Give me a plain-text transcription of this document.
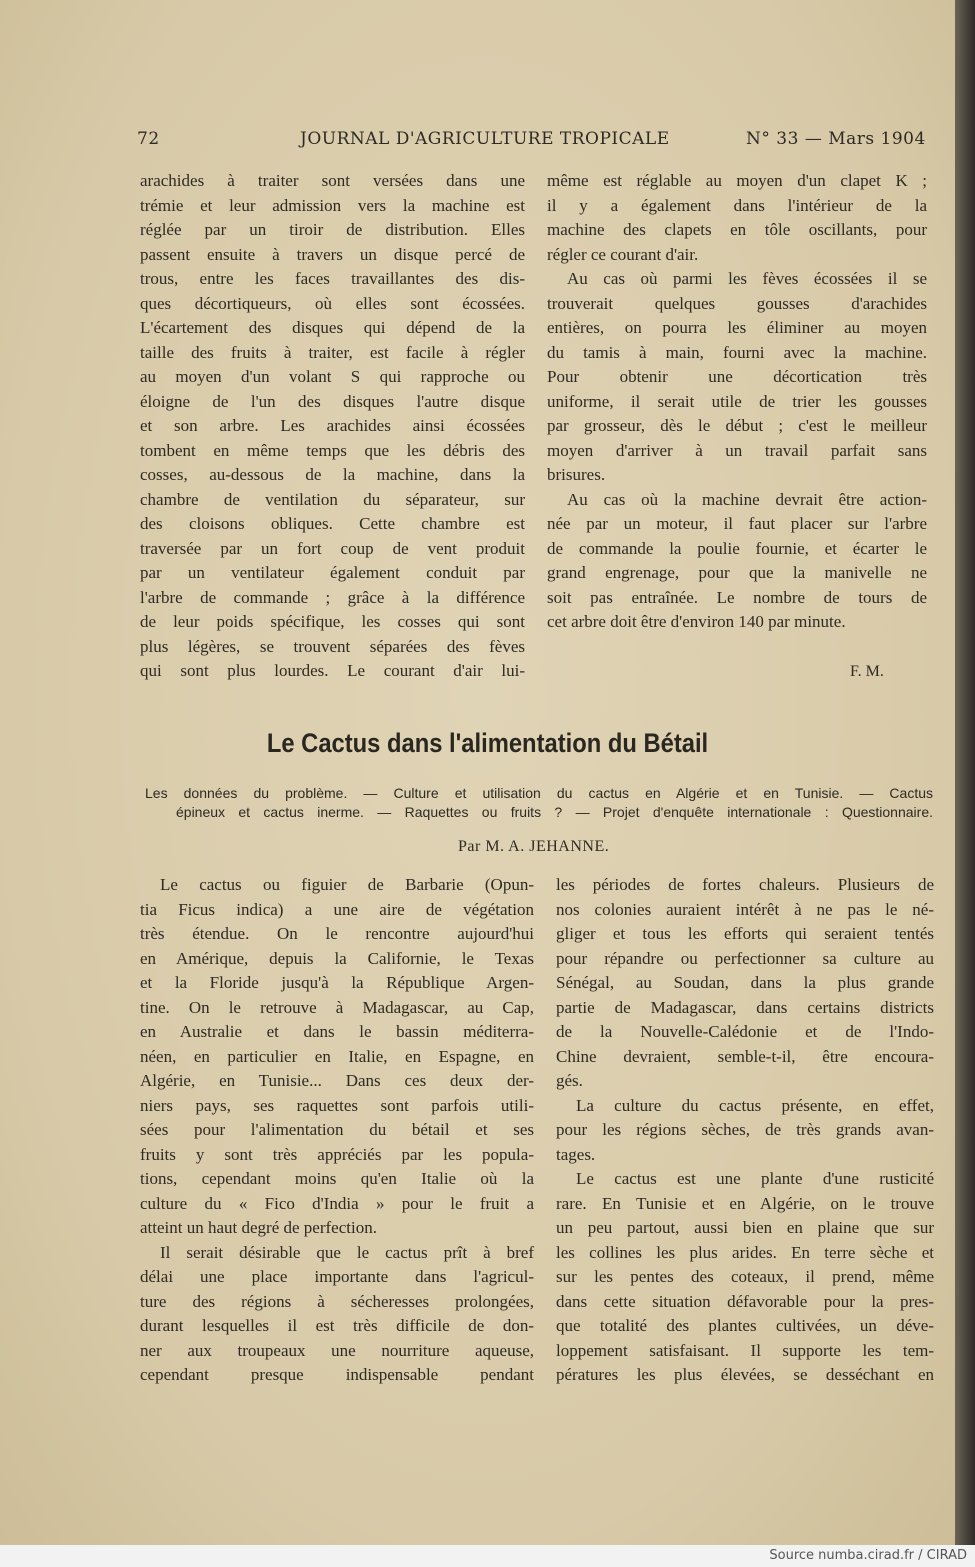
72	JOURNAL D'AGRICULTURE TROPICALE	N° 33 — Mars 1904
arachides à traiter sont versées dans une
trémie et leur admission vers la machine est
réglée par un tiroir de distribution. Elles
passent ensuite à travers un disque percé de
trous, entre les faces travaillantes des dis-
ques décortiqueurs, où elles sont écossées.
L'écartement des disques qui dépend de la
taille des fruits à traiter, est facile à régler
au moyen d'un volant S qui rapproche ou
éloigne de l'un des disques l'autre disque
et son arbre. Les arachides ainsi écossées
tombent en même temps que les débris des
cosses, au-dessous de la machine, dans la
chambre de ventilation du séparateur, sur
des cloisons obliques. Cette chambre est
traversée par un fort coup de vent produit
par un ventilateur également conduit par
l'arbre de commande ; grâce à la différence
de leur poids spécifique, les cosses qui sont
plus légères, se trouvent séparées des fèves
qui sont plus lourdes. Le courant d'air lui-
même est réglable au moyen d'un clapet K ;
il y a également dans l'intérieur de la
machine des clapets en tôle oscillants, pour
régler ce courant d'air.
Au cas où parmi les fèves écossées il se
trouverait quelques gousses d'arachides
entières, on pourra les éliminer au moyen
du tamis à main, fourni avec la machine.
Pour obtenir une décortication très
uniforme, il serait utile de trier les gousses
par grosseur, dès le début ; c'est le meilleur
moyen d'arriver à un travail parfait sans
brisures.
Au cas où la machine devrait être action-
née par un moteur, il faut placer sur l'arbre
de commande la poulie fournie, et écarter le
grand engrenage, pour que la manivelle ne
soit pas entraînée. Le nombre de tours de
cet arbre doit être d'environ 140 par minute.
F. M.
Le Cactus dans l'alimentation du Bétail
Les données du problème. — Culture et utilisation du cactus en Algérie et en Tunisie. — Cactus
épineux et cactus inerme. — Raquettes ou fruits ? — Projet d'enquête internationale : Questionnaire.
Par M. A. JEHANNE.
Le cactus ou figuier de Barbarie (Opun-
tia Ficus indica) a une aire de végétation
très étendue. On le rencontre aujourd'hui
en Amérique, depuis la Californie, le Texas
et la Floride jusqu'à la République Argen-
tine. On le retrouve à Madagascar, au Cap,
en Australie et dans le bassin méditerra-
néen, en particulier en Italie, en Espagne, en
Algérie, en Tunisie... Dans ces deux der-
niers pays, ses raquettes sont parfois utili-
sées pour l'alimentation du bétail et ses
fruits y sont très appréciés par les popula-
tions, cependant moins qu'en Italie où la
culture du « Fico d'India » pour le fruit a
atteint un haut degré de perfection.
Il serait désirable que le cactus prît à bref
délai une place importante dans l'agricul-
ture des régions à sécheresses prolongées,
durant lesquelles il est très difficile de don-
ner aux troupeaux une nourriture aqueuse,
cependant presque indispensable pendant
les périodes de fortes chaleurs. Plusieurs de
nos colonies auraient intérêt à ne pas le né-
gliger et tous les efforts qui seraient tentés
pour répandre ou perfectionner sa culture au
Sénégal, au Soudan, dans la plus grande
partie de Madagascar, dans certains districts
de la Nouvelle-Calédonie et de l'Indo-
Chine devraient, semble-t-il, être encoura-
gés.
La culture du cactus présente, en effet,
pour les régions sèches, de très grands avan-
tages.
Le cactus est une plante d'une rusticité
rare. En Tunisie et en Algérie, on le trouve
un peu partout, aussi bien en plaine que sur
les collines les plus arides. En terre sèche et
sur les pentes des coteaux, il prend, même
dans cette situation défavorable pour la pres-
que totalité des plantes cultivées, un déve-
loppement satisfaisant. Il supporte les tem-
pératures les plus élevées, se desséchant en
Source numba.cirad.fr / CIRAD
